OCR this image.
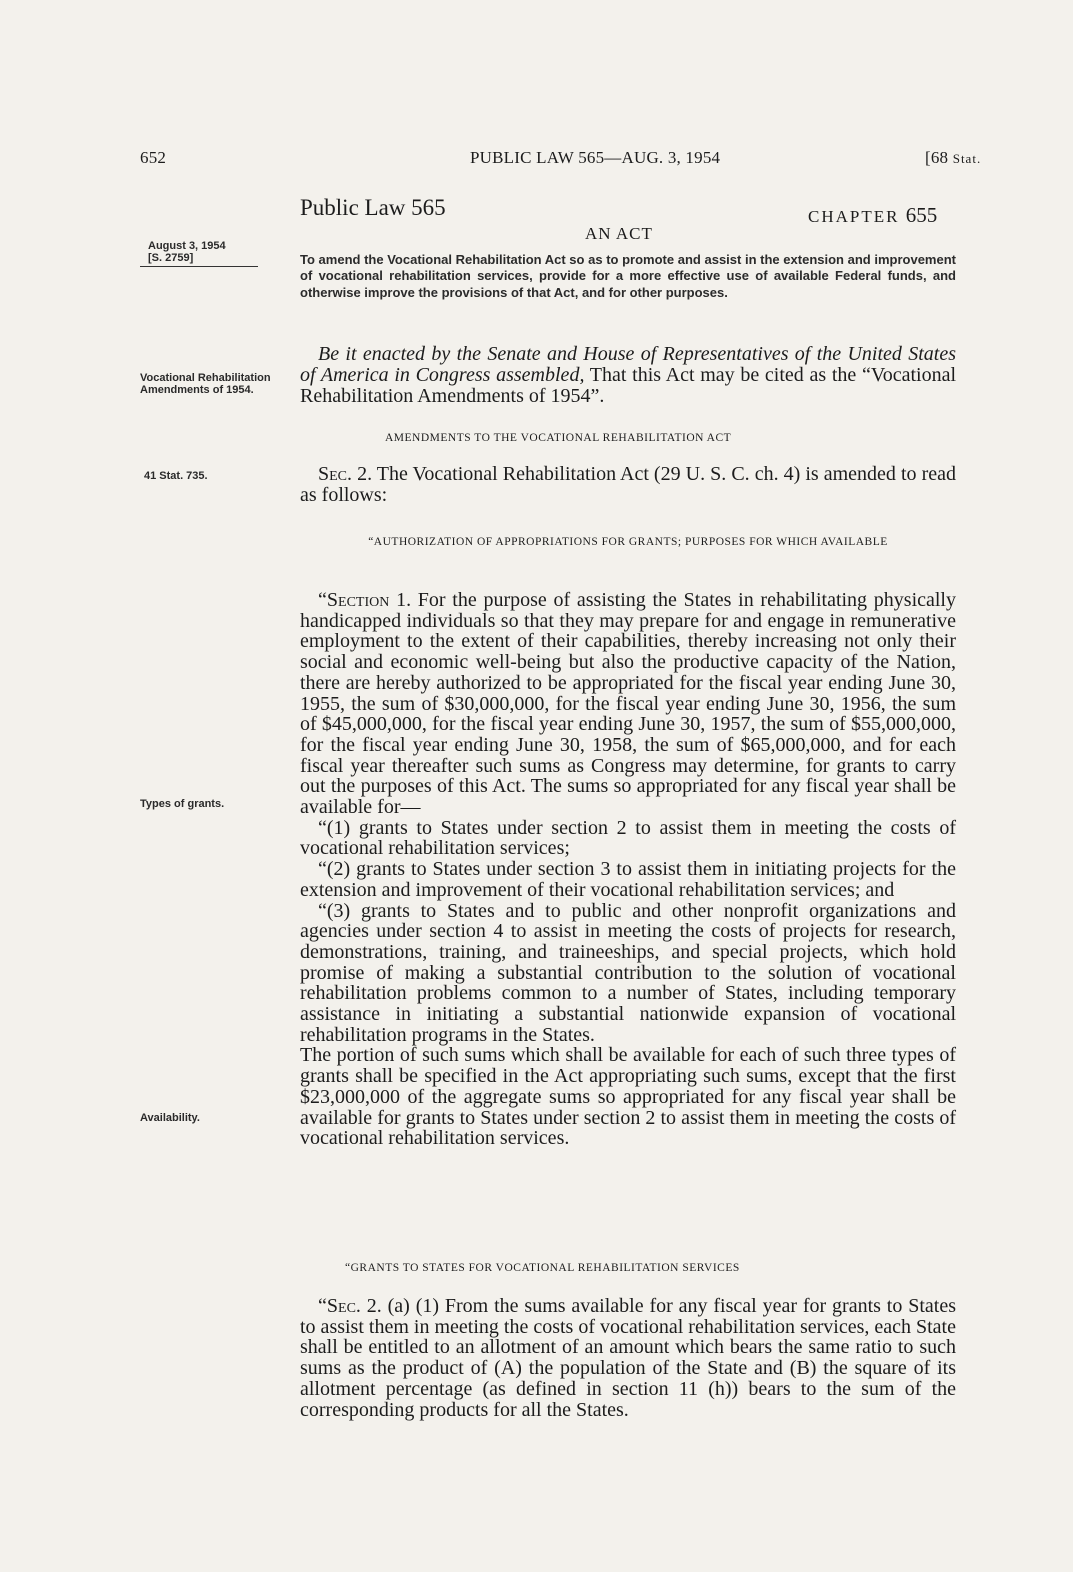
652	PUBLIC LAW 565—AUG. 3, 1954	[68 Stat.
August 3, 1954
[S. 2759]
Vocational Rehabilitation Amendments of 1954.
41 Stat. 735.
Types of grants.
Availability.
Public Law 565	CHAPTER 655
AN ACT
To amend the Vocational Rehabilitation Act so as to promote and assist in the extension and improvement of vocational rehabilitation services, provide for a more effective use of available Federal funds, and otherwise improve the provisions of that Act, and for other purposes.
Be it enacted by the Senate and House of Representatives of the United States of America in Congress assembled, That this Act may be cited as the “Vocational Rehabilitation Amendments of 1954”.
AMENDMENTS TO THE VOCATIONAL REHABILITATION ACT
Sec. 2. The Vocational Rehabilitation Act (29 U. S. C. ch. 4) is amended to read as follows:
“AUTHORIZATION OF APPROPRIATIONS FOR GRANTS; PURPOSES FOR WHICH AVAILABLE
“Section 1. For the purpose of assisting the States in rehabilitating physically handicapped individuals so that they may prepare for and engage in remunerative employment to the extent of their capabilities, thereby increasing not only their social and economic well-being but also the productive capacity of the Nation, there are hereby authorized to be appropriated for the fiscal year ending June 30, 1955, the sum of $30,000,000, for the fiscal year ending June 30, 1956, the sum of $45,000,000, for the fiscal year ending June 30, 1957, the sum of $55,000,000, for the fiscal year ending June 30, 1958, the sum of $65,000,000, and for each fiscal year thereafter such sums as Congress may determine, for grants to carry out the purposes of this Act. The sums so appropriated for any fiscal year shall be available for—
“(1) grants to States under section 2 to assist them in meeting the costs of vocational rehabilitation services;
“(2) grants to States under section 3 to assist them in initiating projects for the extension and improvement of their vocational rehabilitation services; and
“(3) grants to States and to public and other nonprofit organizations and agencies under section 4 to assist in meeting the costs of projects for research, demonstrations, training, and traineeships, and special projects, which hold promise of making a substantial contribution to the solution of vocational rehabilitation problems common to a number of States, including temporary assistance in initiating a substantial nationwide expansion of vocational rehabilitation programs in the States.
The portion of such sums which shall be available for each of such three types of grants shall be specified in the Act appropriating such sums, except that the first $23,000,000 of the aggregate sums so appropriated for any fiscal year shall be available for grants to States under section 2 to assist them in meeting the costs of vocational rehabilitation services.
“GRANTS TO STATES FOR VOCATIONAL REHABILITATION SERVICES
“Sec. 2. (a) (1) From the sums available for any fiscal year for grants to States to assist them in meeting the costs of vocational rehabilitation services, each State shall be entitled to an allotment of an amount which bears the same ratio to such sums as the product of (A) the population of the State and (B) the square of its allotment percentage (as defined in section 11 (h)) bears to the sum of the corresponding products for all the States.
